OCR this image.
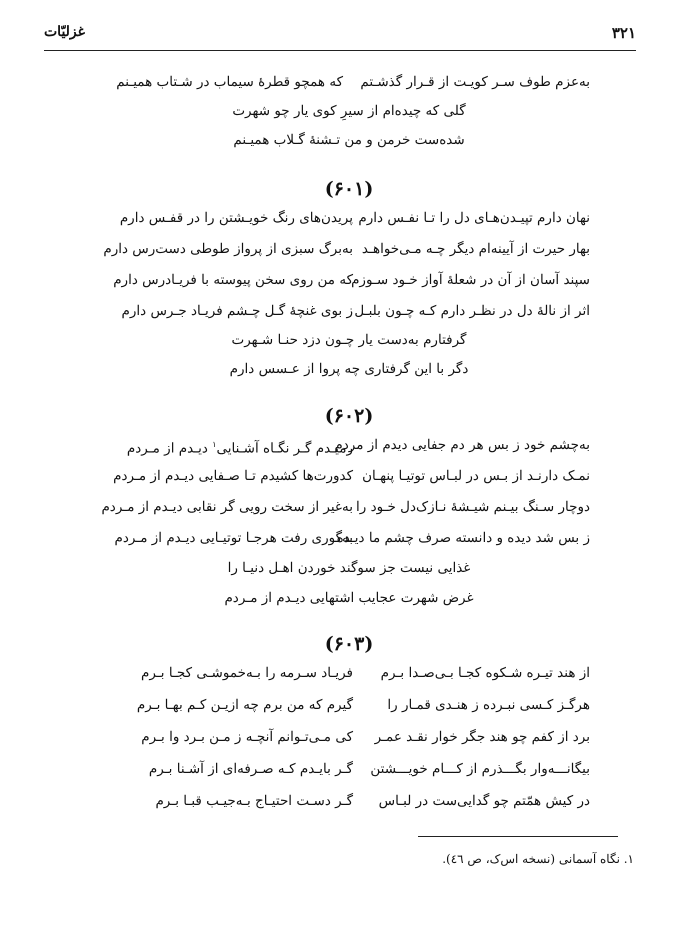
۳۲۱
غزلیّات
به‌عزم طوف سـر کویـت از قـرار گذشـتم
که همچو قطرهٔ سیماب در شـتاب همیـنم
گلی که چیده‌ام از سیرِ کوی یار چو شهرت
شده‌ست خرمن و من تـشنهٔ گـلاب همیـنم
(۶۰۱)
نهان دارم تپیـدن‌هـای دل را تـا نفـس دارم
پریدن‌های رنگ خویـشتن را در قفـس دارم
بهار حیرت از آیینه‌ام دیگر چـه مـی‌خواهـد
به‌برگ سبزی از پرواز طوطی دست‌رس دارم
سپند آسان از آن در شعلهٔ آواز خـود سـوزم
که من روی سخن پیوسته با فریـادرس دارم
اثر از نالهٔ دل در نظـر دارم کـه چـون بلبـل
ز بوی غنچهٔ گـل چـشم فریـاد جـرس دارم
گرفتارم به‌دست یار چـون دزد حنـا شـهرت
دگر با این گرفتاری چه پروا از عـسس دارم
(۶۰۲)
به‌چشم خود ز بس هر دم جفایی دیدم از مردم
رمیـدم گـر نگـاه آشـنایی$^۱$ دیـدم از مـردم
نمـک دارنـد از بـس در لبـاس توتیـا پنهـان
کدورت‌ها کشیدم تـا صـفایی دیـدم از مـردم
دوچار سـنگ بیـنم شیـشهٔ نـازک‌دل خـود را
به‌غیر از سخت رویی گر نقابی دیـدم از مـردم
ز بس شد دیده و دانسته صرف چشم ما دیـده
به‌گوری رفت هرجـا توتیـایی دیـدم از مـردم
غذایی نیست جز سوگند خوردن اهـل دنیـا را
غرض شهرت عجایب اشتهایی دیـدم از مـردم
(۶۰۳)
از هند تیـره شـکوه کجـا بـی‌صـدا بـرم
فریـاد سـرمه را بـه‌خموشـی کجـا بـرم
هرگـز کـسی نبـرده ز هنـدی قمـار را
گیرم که من برم چه ازیـن کـم بهـا بـرم
برد از کفم چو هند جگر خوار نقـد عمـر
کی مـی‌تـوانم آنچـه ز مـن بـرد وا بـرم
بیگانـــه‌وار بگـــذرم از کـــام خویـــشتن
گـر بایـدم کـه صـرفه‌ای از آشـنا بـرم
در کیش همّتم چو گدایی‌ست در لبـاس
گـر دسـت احتیـاج بـه‌جیـب قبـا بـرم
۱. نگاه آسمانی (نسخه اس‌ک، ص ٤٦).
